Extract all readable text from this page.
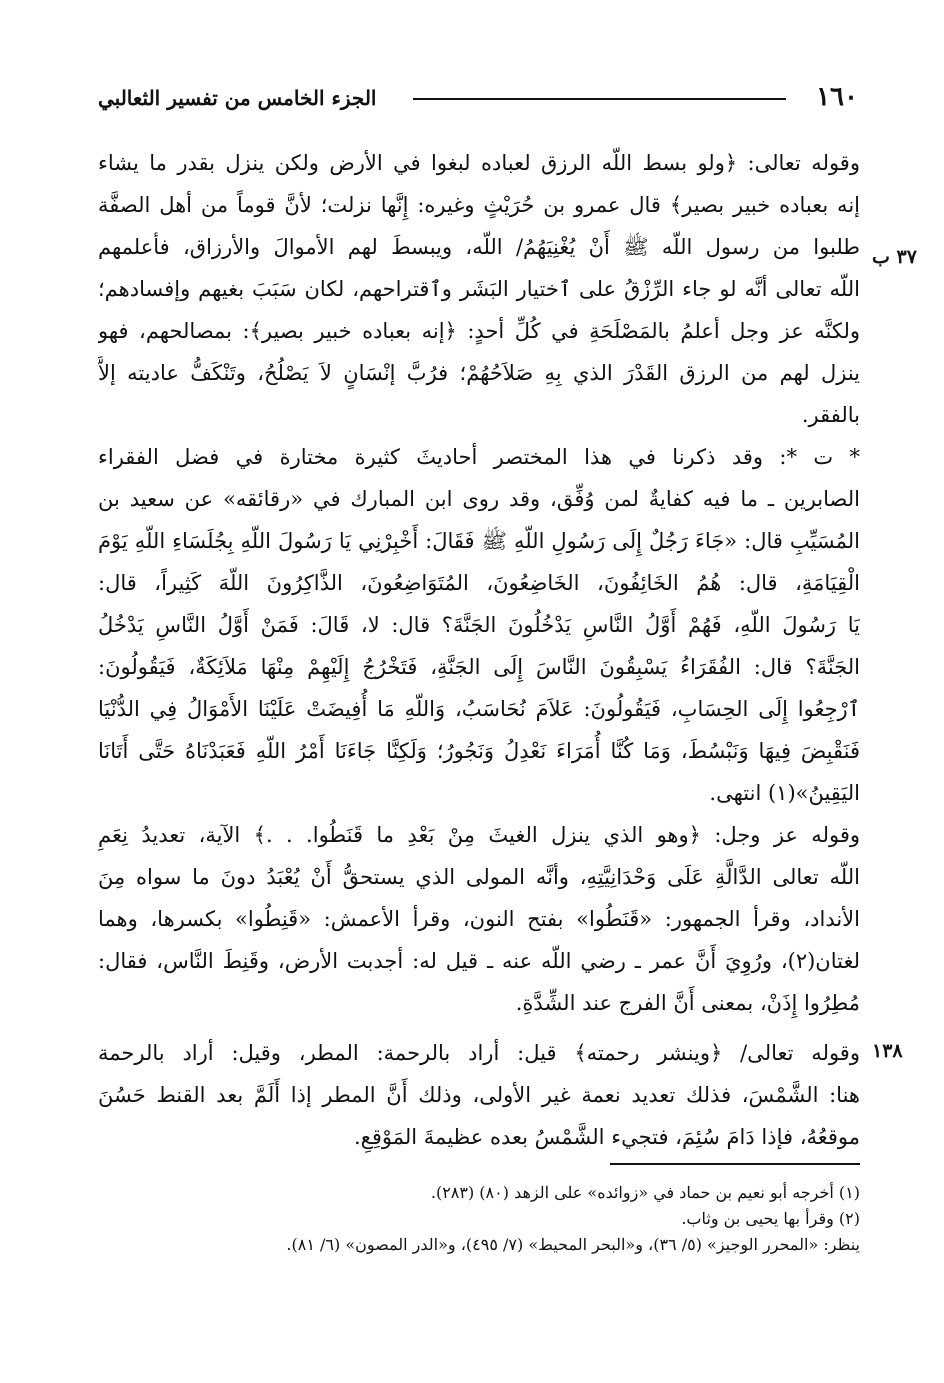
١٦٠
الجزء الخامس من تفسير الثعالبي
٣٧ ب
١٣٨
وقوله تعالى: ﴿ولو بسط اللّه الرزق لعباده لبغوا في الأرض ولكن ينزل بقدر ما يشاء
إنه بعباده خبير بصير﴾ قال عمرو بن حُرَيْثٍ وغيره: إِنَّها نزلت؛ لأنَّ قوماً من أهل الصفَّة
طلبوا من رسول اللّه ﷺ أَنْ يُغْنِيَهُمُ/ اللّه، ويبسطَ لهم الأموالَ والأرزاق، فأعلمهم
اللّه تعالى أنَّه لو جاء الرِّزْقُ على ٱختيار البَشَر وٱقتراحهم، لكان سَبَبَ بغيهم وإفسادهم؛
ولكنَّه عز وجل أعلمُ بالمَصْلَحَةِ في كُلِّ أحدٍ: ﴿إنه بعباده خبير بصير﴾: بمصالحهم، فهو
ينزل لهم من الرزق القَدْرَ الذي بِهِ صَلاَحُهُمْ؛ فرُبَّ إنْسَانٍ لاَ يَصْلُحُ، وتَنْكَفُّ عاديته إلاَّ
بالفقر.
* ت *: وقد ذكرنا في هذا المختصر أحاديثَ كثيرة مختارة في فضل الفقراء
الصابرين ـ ما فيه كفايةٌ لمن وُفِّق، وقد روى ابن المبارك في «رقائقه» عن سعيد بن
المُسَيِّبِ قال: «جَاءَ رَجُلٌ إِلَى رَسُولِ اللّهِ ﷺ فَقَالَ: أَخْبِرْنِي يَا رَسُولَ اللّهِ بِجُلَسَاءِ اللّهِ يَوْمَ
الْقِيَامَةِ، قال: هُمُ الخَائِفُونَ، الخَاضِعُونَ، المُتَوَاضِعُونَ، الذَّاكِرُونَ اللّهَ كَثِيراً، قال:
يَا رَسُولَ اللّهِ، فَهُمْ أَوَّلُ النَّاسِ يَدْخُلُونَ الجَنَّةَ؟ قال: لا، قَالَ: فَمَنْ أَوَّلُ النَّاسِ يَدْخُلُ
الجَنَّةَ؟ قال: الفُقَرَاءُ يَسْبِقُونَ النَّاسَ إِلَى الجَنَّةِ، فَتَخْرُجُ إِلَيْهِمْ مِنْهَا مَلاَئِكَةٌ، فَيَقُولُونَ:
ٱرْجِعُوا إِلَى الحِسَابِ، فَيَقُولُونَ: عَلاَمَ نُحَاسَبُ، وَاللّهِ مَا أُفِيضَتْ عَلَيْنَا الأَمْوَالُ فِي الدُّنْيَا
فَنَقْبِضَ فِيهَا وَنَبْسُطَ، وَمَا كُنَّا أُمَرَاءَ نَعْدِلُ وَنَجُورُ؛ وَلَكِنَّا جَاءَنَا أَمْرُ اللّهِ فَعَبَدْنَاهُ حَتَّى أَتَانَا
اليَقِينُ»(١) انتهى.
وقوله عز وجل: ﴿وهو الذي ينزل الغيثَ مِنْ بَعْدِ ما قَنَطُوا. . .﴾ الآية، تعديدُ نِعَمِ
اللّه تعالى الدَّالَّةِ عَلَى وَحْدَانِيَّتِهِ، وأنَّه المولى الذي يستحقُّ أَنْ يُعْبَدُ دونَ ما سواه مِنَ
الأنداد، وقرأ الجمهور: «قَنَطُوا» بفتح النون، وقرأ الأعمش: «قَنِطُوا» بكسرها، وهما
لغتان(٢)، ورُوِيَ أَنَّ عمر ـ رضي اللّه عنه ـ قيل له: أجدبت الأرض، وقَنِطَ النَّاس، فقال:
مُطِرُوا إِذَنْ، بمعنى أَنَّ الفرج عند الشِّدَّةِ.
وقوله تعالى/ ﴿وينشر رحمته﴾ قيل: أراد بالرحمة: المطر، وقيل: أراد بالرحمة
هنا: الشَّمْسَ، فذلك تعديد نعمة غير الأولى، وذلك أَنَّ المطر إذا أَلَمَّ بعد القنط حَسُنَ
موقعُهُ، فإذا دَامَ سُئِمَ، فتجيء الشَّمْسُ بعده عظيمةَ المَوْقِعِ.
(١) أخرجه أبو نعيم بن حماد في «زوائده» على الزهد (٨٠) (٢٨٣).
(٢) وقرأ بها يحيى بن وثاب.
ينظر: «المحرر الوجيز» (٥/ ٣٦)، و«البحر المحيط» (٧/ ٤٩٥)، و«الدر المصون» (٦/ ٨١).
